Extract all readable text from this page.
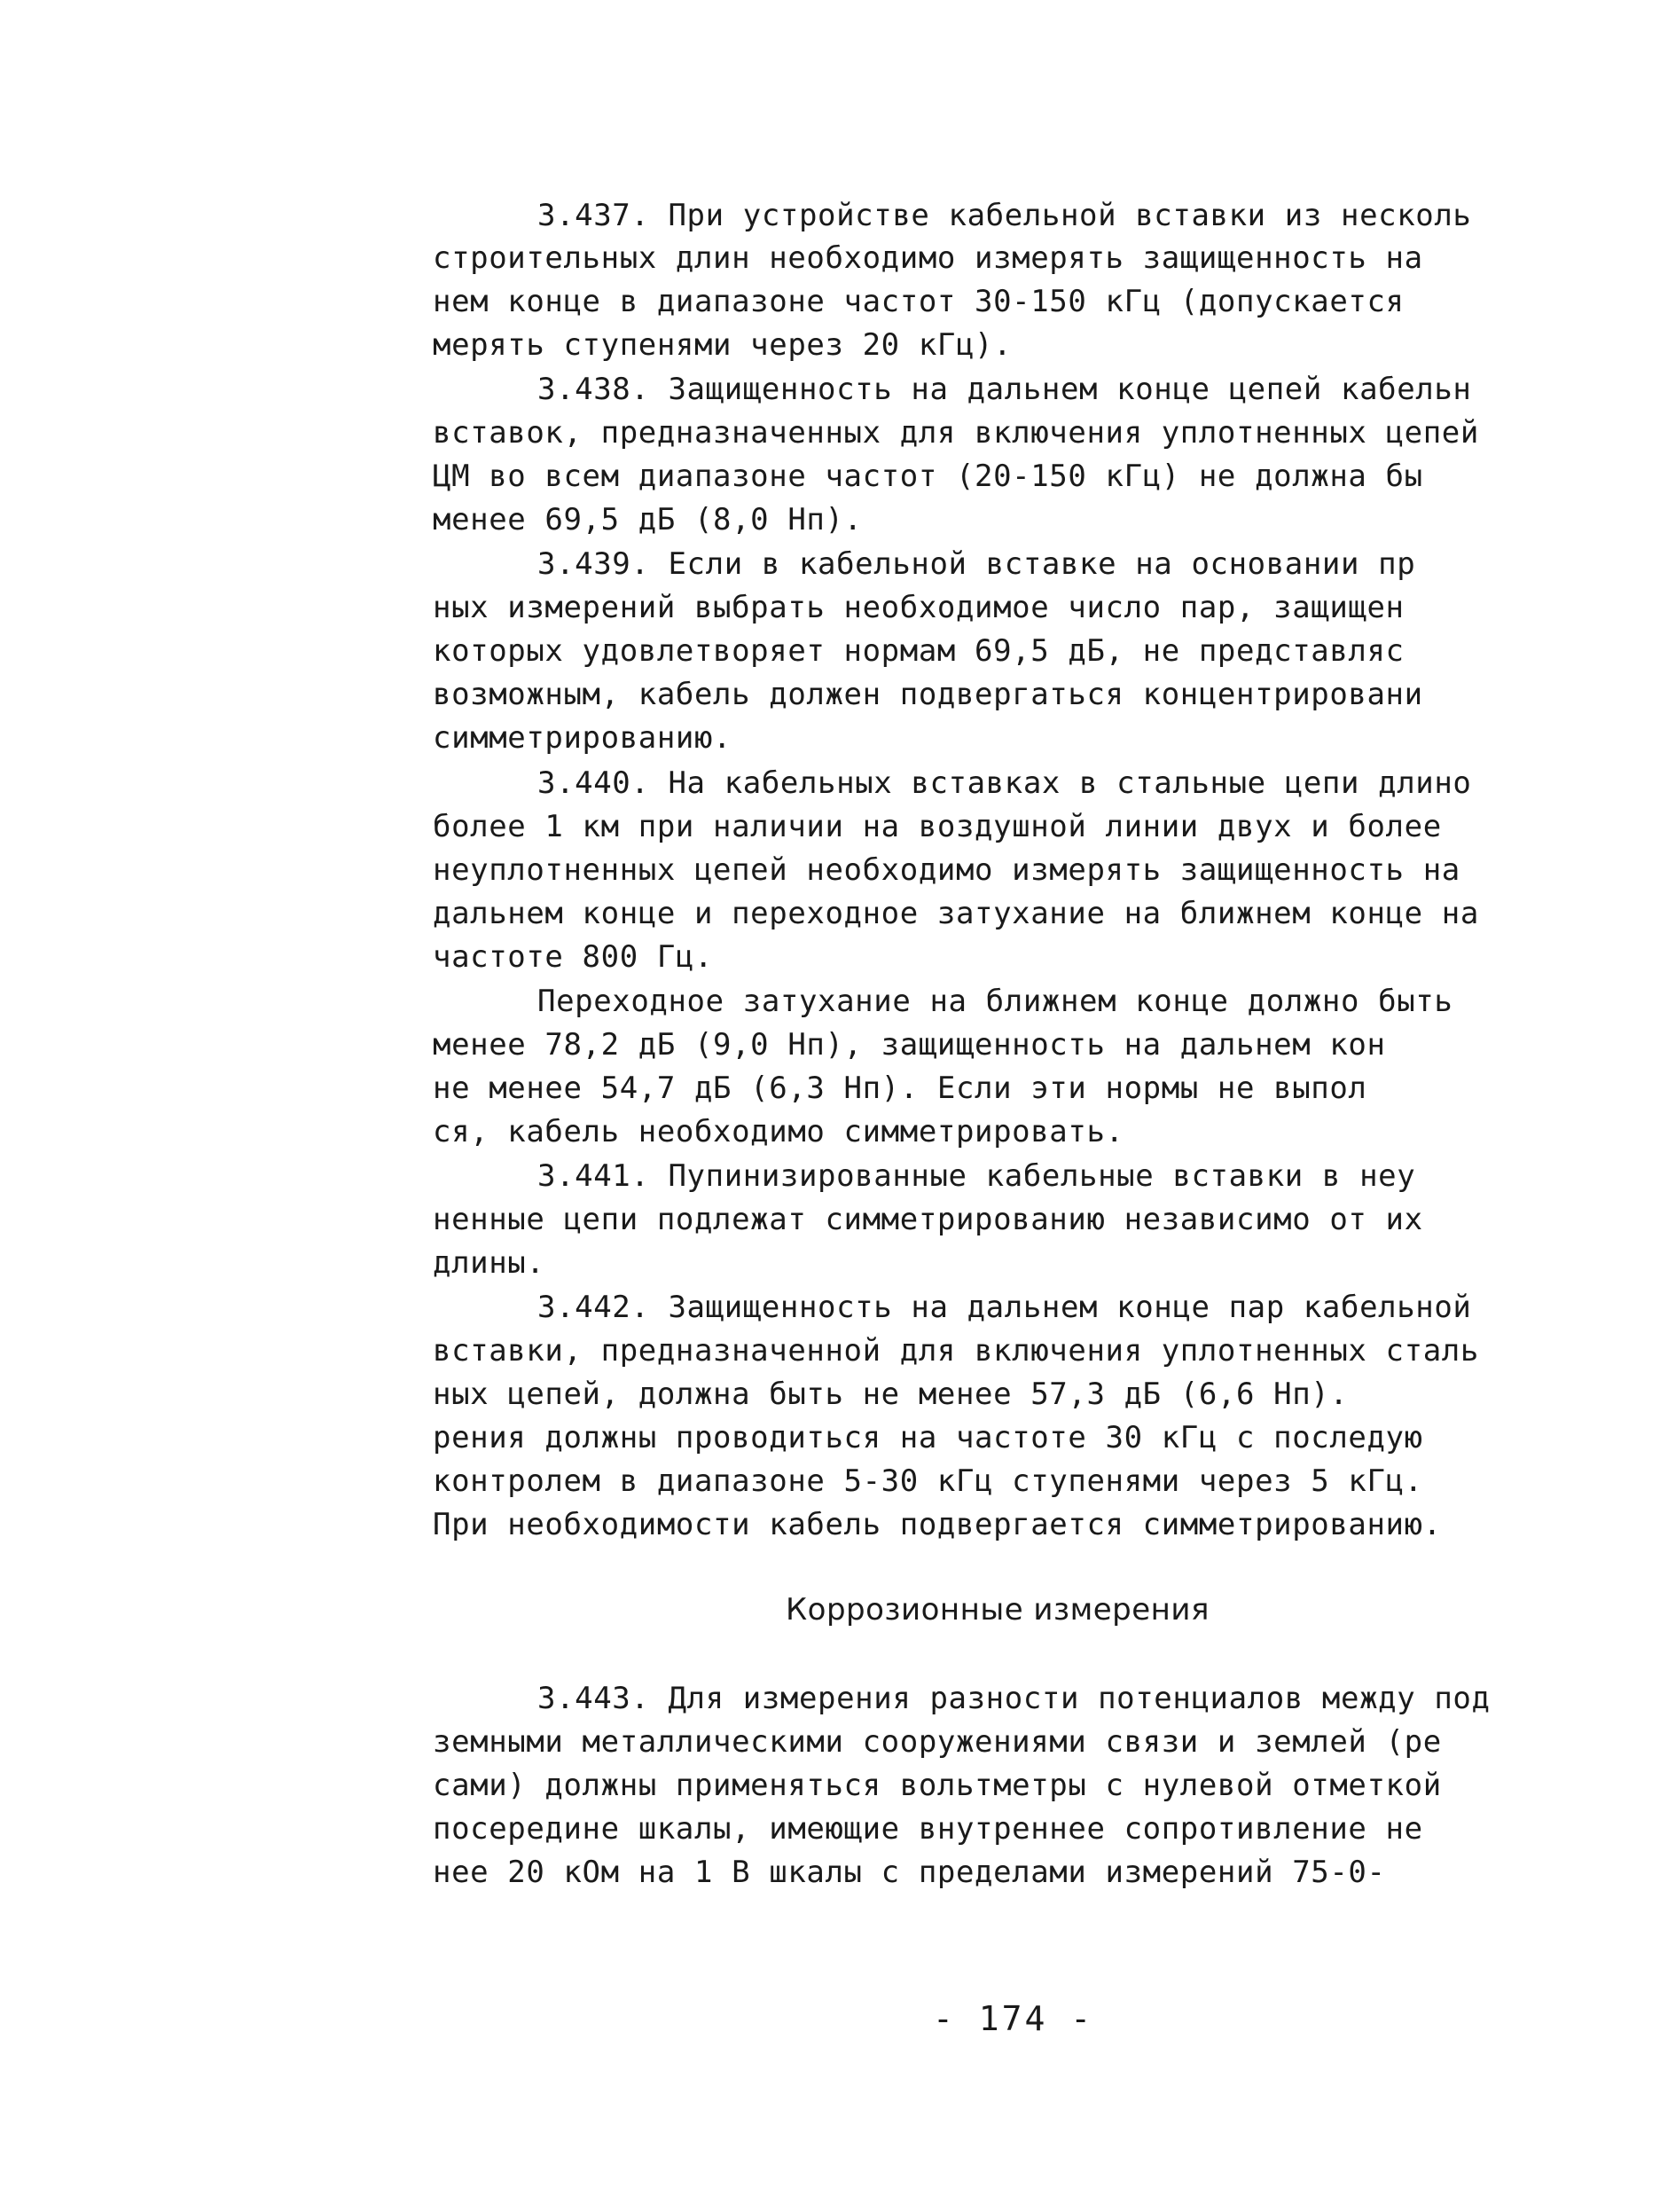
3.437. При устройстве кабельной вставки из несколь
строительных длин необходимо измерять защищенность на
нем конце в диапазоне частот 30-150 кГц (допускается
мерять ступенями через 20 кГц).
3.438. Защищенность на дальнем конце цепей кабельн
вставок, предназначенных для включения уплотненных цепей
ЦМ во всем диапазоне частот (20-150 кГц) не должна бы
менее 69,5 дБ (8,0 Нп).
3.439. Если в кабельной вставке на основании пр
ных измерений выбрать необходимое число пар, защищен
которых удовлетворяет нормам 69,5 дБ, не представляс
возможным, кабель должен подвергаться концентрировани
симметрированию.
3.440. На кабельных вставках в стальные цепи длино
более 1 км при наличии на воздушной линии двух и более
неуплотненных цепей необходимо измерять защищенность на
дальнем конце и переходное затухание на ближнем конце на
частоте 800 Гц.
Переходное затухание на ближнем конце должно быть
менее 78,2 дБ (9,0 Нп), защищенность на дальнем кон
не менее 54,7 дБ (6,3 Нп). Если эти нормы не выпол
ся, кабель необходимо симметрировать.
3.441. Пупинизированные кабельные вставки в неу
ненные цепи подлежат симметрированию независимо от их
длины.
3.442. Защищенность на дальнем конце пар кабельной
вставки, предназначенной для включения уплотненных сталь
ных цепей, должна быть не менее 57,3 дБ (6,6 Нп).
рения должны проводиться на частоте 30 кГц с последую
контролем в диапазоне 5-30 кГц ступенями через 5 кГц.
При необходимости кабель подвергается симметрированию.
Коррозионные измерения
3.443. Для измерения разности потенциалов между под
земными металлическими сооружениями связи и землей (ре
сами) должны применяться вольтметры с нулевой отметкой
посередине шкалы, имеющие внутреннее сопротивление не
нее 20 кОм на 1 В шкалы с пределами измерений 75-0-
- 174 -
